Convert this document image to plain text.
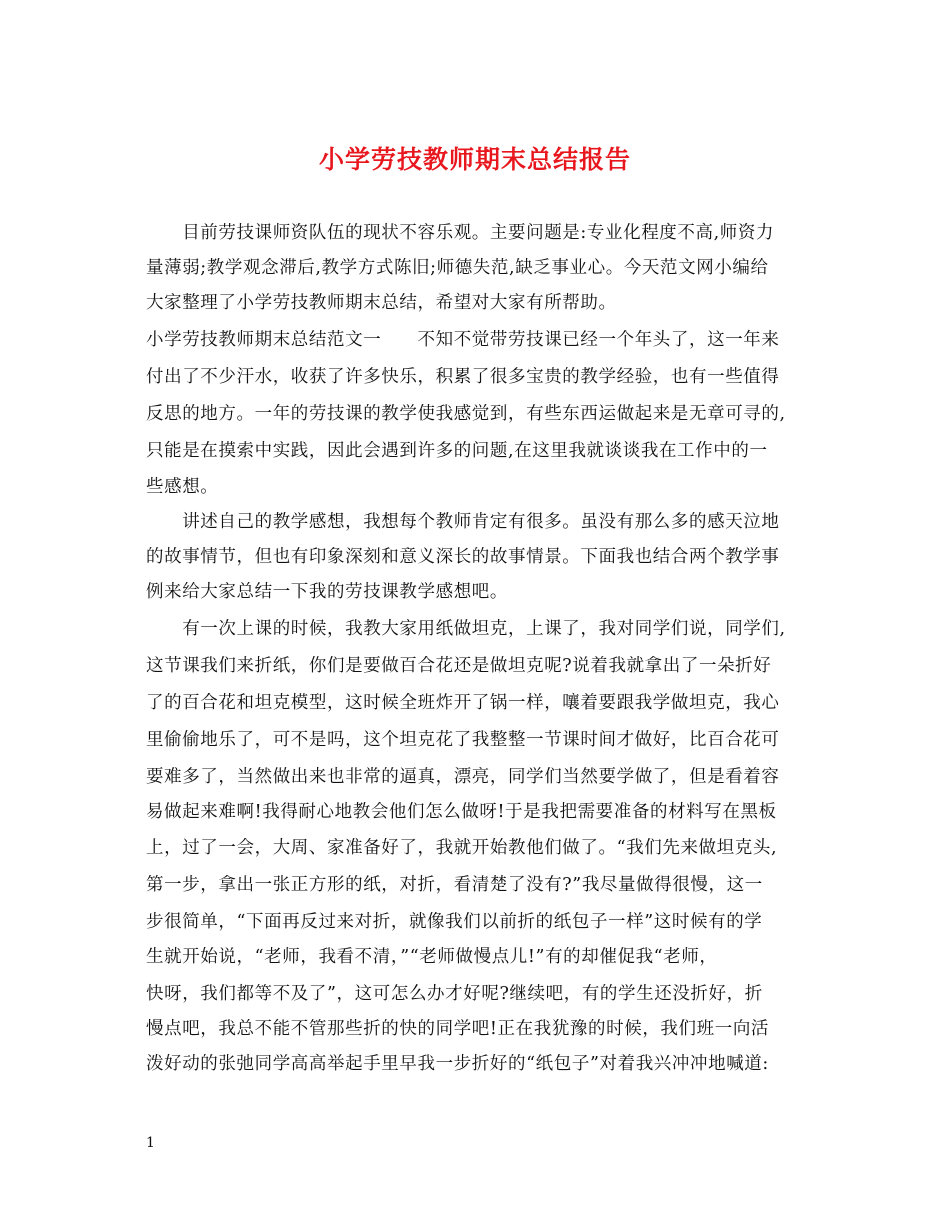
小学劳技教师期末总结报告
　　目前劳技课师资队伍的现状不容乐观。主要问题是:专业化程度不高,师资力
量薄弱;教学观念滞后,教学方式陈旧;师德失范,缺乏事业心。今天范文网小编给
大家整理了小学劳技教师期末总结，希望对大家有所帮助。
小学劳技教师期末总结范文一　　不知不觉带劳技课已经一个年头了，这一年来
付出了不少汗水，收获了许多快乐，积累了很多宝贵的教学经验，也有一些值得
反思的地方。一年的劳技课的教学使我感觉到，有些东西运做起来是无章可寻的,
只能是在摸索中实践，因此会遇到许多的问题,在这里我就谈谈我在工作中的一
些感想。
　　讲述自己的教学感想，我想每个教师肯定有很多。虽没有那么多的感天泣地
的故事情节，但也有印象深刻和意义深长的故事情景。下面我也结合两个教学事
例来给大家总结一下我的劳技课教学感想吧。
　　有一次上课的时候，我教大家用纸做坦克，上课了，我对同学们说，同学们,
这节课我们来折纸，你们是要做百合花还是做坦克呢?说着我就拿出了一朵折好
了的百合花和坦克模型，这时候全班炸开了锅一样，嚷着要跟我学做坦克，我心
里偷偷地乐了，可不是吗，这个坦克花了我整整一节课时间才做好，比百合花可
要难多了，当然做出来也非常的逼真，漂亮，同学们当然要学做了，但是看着容
易做起来难啊!我得耐心地教会他们怎么做呀!于是我把需要准备的材料写在黑板
上，过了一会，大周、家准备好了，我就开始教他们做了。“我们先来做坦克头,
第一步，拿出一张正方形的纸，对折，看清楚了没有?”我尽量做得很慢，这一
步很简单，“下面再反过来对折，就像我们以前折的纸包子一样”这时候有的学
生就开始说，“老师，我看不清，”“老师做慢点儿!”有的却催促我“老师，
快呀，我们都等不及了”，这可怎么办才好呢?继续吧，有的学生还没折好，折
慢点吧，我总不能不管那些折的快的同学吧!正在我犹豫的时候，我们班一向活
泼好动的张弛同学高高举起手里早我一步折好的“纸包子”对着我兴冲冲地喊道:
1
